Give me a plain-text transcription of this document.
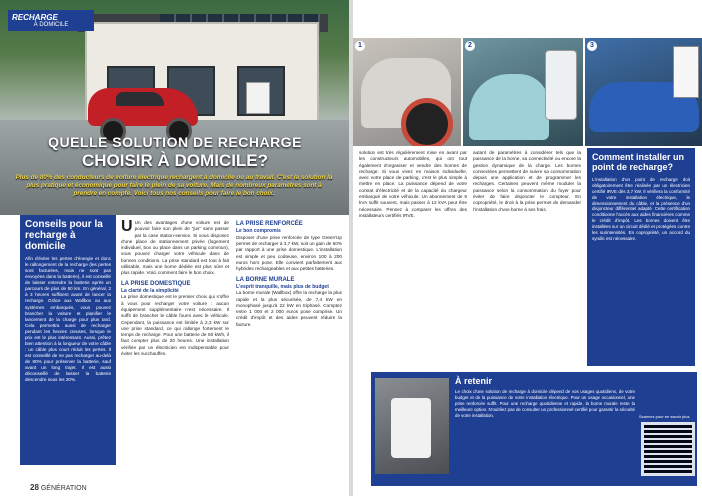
RECHARGE
À DOMICILE
QUELLE SOLUTION DE RECHARGE
CHOISIR À DOMICILE?
Plus de 80% des conducteurs de voiture électrique rechargent à domicile ou au travail. C'est la solution la plus pratique et économique pour faire le plein de sa voiture. Mais de nombreux paramètres sont à prendre en compte. Voici tous nos conseils pour faire le bon choix.
Conseils pour la recharge à domicile
Afin d'éviter les pertes d'énergie et donc le rallongement de la recharge (les pertes sont facturées, mais ne sont pas envoyées dans la batterie), il est conseillé de laisser entendre la batterie après un parcours de plus de 50 km. En général, 2 à 3 heures suffisent avant de lancer la recharge. Grâce aux Wallbox ou aux systèmes embarqués, vous pouvez brancher la voiture et planifier le lancement de la charge pour plus tard. Cela permettra aussi de recharger pendant les heures creuses, lorsque le prix est le plus intéressant. Aussi, prêtez bien attention à la longueur de votre câble : un câble plus court réduit les pertes. Il est conseillé de ne pas recharger au-delà de 80% pour préserver la batterie, sauf avant un long trajet. Il est aussi déconseillé de laisser la batterie descendre sous les 20%.
U Un des avantages d'une voiture est de pouvoir faire son plein de "jus" sans passer par la case station-service. Si vous disposez d'une place de stationnement privée (logement individuel, box ou place dans un parking commun), vous pouvez charger votre véhicule dans de bonnes conditions. La prise standard est tout à fait utilisable, mais une borne dédiée est plus sûre et plus rapide. Voici comment faire le bon choix.
LA PRISE DOMESTIQUE
La clarté de la simplicité
La prise domestique est le premier choix qui s'offre à vous pour recharger votre voiture : aucun équipement supplémentaire n'est nécessaire. Il suffit de brancher le câble fourni avec le véhicule. Cependant, la puissance est limitée à 2,3 kW sur une prise standard, ce qui rallonge fortement le temps de recharge. Pour une batterie de 50 kWh, il faut compter plus de 20 heures. Une installation vérifiée par un électricien est indispensable pour éviter les surchauffes.
LA PRISE RENFORCÉE
Le bon compromis
Disposer d'une prise renforcée de type Green'Up permet de recharger à 3,7 kW, soit un gain de 60% par rapport à une prise domestique. L'installation est simple et peu coûteuse, environ 100 à 200 euros hors pose. Elle convient parfaitement aux hybrides rechargeables et aux petites batteries.
LA BORNE MURALE
L'esprit tranquille, mais plus de budget
La borne murale (Wallbox) offre la recharge la plus rapide et la plus sécurisée, de 7,4 kW en monophasé jusqu'à 22 kW en triphasé. Comptez entre 1 000 et 2 000 euros pose comprise. Un crédit d'impôt et des aides peuvent réduire la facture.
28 GÉNÉRATION
1	2	3
solution est très régulièrement mise en avant par les constructeurs automobiles, qui ont tout également d'organiser et vendre des bornes de recharge. Si vous vivez en maison individuelle, avec votre place de parking, c'est le plus simple à mettre en place. La puissance dépend de votre contrat d'électricité et de la capacité du chargeur embarqué de votre véhicule. Un abonnement de 9 kVA suffit souvent, mais passer à 12 kVA peut être nécessaire. Pensez à comparer les offres des installateurs certifiés IRVE.
autant de paramètres à considérer tels que la puissance de la borne, sa connectivité ou encore la gestion dynamique de la charge. Les bornes connectées permettent de suivre sa consommation depuis une application et de programmer les recharges. Certaines peuvent même moduler la puissance selon la consommation du foyer pour éviter de faire disjoncter le compteur. En copropriété, le droit à la prise permet de demander l'installation d'une borne à ses frais.
Comment installer un point de recharge?
L'installation d'un point de recharge doit obligatoirement être réalisée par un électricien certifié IRVE dès 3,7 kW. Il vérifiera la conformité de votre installation électrique, le dimensionnement du câble, et la présence d'un disjoncteur différentiel adapté. Cette certification conditionne l'accès aux aides financières comme le crédit d'impôt. Les bornes doivent être installées sur un circuit dédié et protégées contre les surintensités. En copropriété, un accord du syndic est nécessaire.
À retenir
Le choix d'une solution de recharge à domicile dépend de vos usages quotidiens, de votre budget et de la puissance de votre installation électrique. Pour un usage occasionnel, une prise renforcée suffit. Pour une recharge quotidienne et rapide, la borne murale reste la meilleure option. N'oubliez pas de consulter un professionnel certifié pour garantir la sécurité de votre installation.	Scannez pour en savoir plus
